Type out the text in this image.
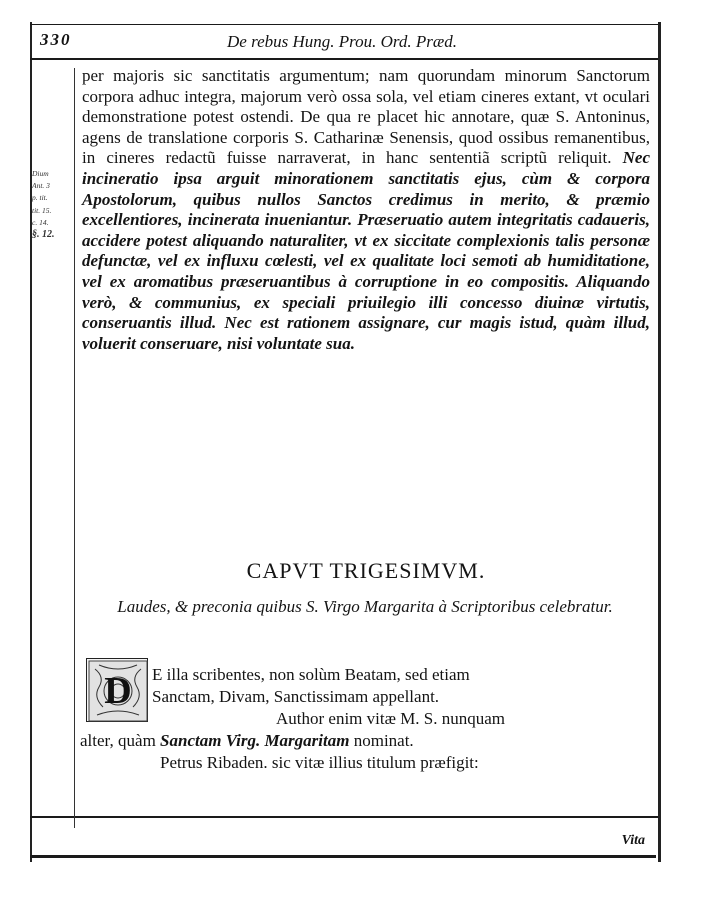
330	De rebus Hung. Prou. Ord. Præd.
Dium
Ant. 3
p. tit.
tit. 15.
c. 14.
§. 12.
per majoris sic sanctitatis argumentum; nam quorundam minorum Sanctorum corpora adhuc integra, majorum verò ossa sola, vel etiam cineres extant, vt oculari demonstratione potest ostendi. De qua re placet hic annotare, quæ S. Antoninus, agens de translatione corporis S. Catharinæ Senensis, quod ossibus remanentibus, in cineres redactũ fuisse narraverat, in hanc sententiã scriptũ reliquit. Nec incineratio ipsa arguit minorationem sanctitatis ejus, cùm & corpora Apostolorum, quibus nullos Sanctos credimus in merito, & præmio excellentiores, incinerata inueniantur. Præseruatio autem integritatis cadaueris, accidere potest aliquando naturaliter, vt ex siccitate complexionis talis personæ defunctæ, vel ex influxu cœlesti, vel ex qualitate loci semoti ab humiditatione, vel ex aromatibus præseruantibus à corruptione in eo compositis. Aliquando verò, & communius, ex speciali priuilegio illi concesso diuinæ virtutis, conseruantis illud. Nec est rationem assignare, cur magis istud, quàm illud, voluerit conseruare, nisi voluntate sua.
CAPVT TRIGESIMVM.
Laudes, & preconia quibus S. Virgo Margarita à Scriptoribus celebratur.
D	E illa scribentes, non solùm Beatam, sed etiam
Sanctam, Divam, Sanctissimam appellant.
Author enim vitæ M. S. nunquam
alter, quàm Sanctam Virg. Margaritam nominat.
Petrus Ribaden. sic vitæ illius titulum præfigit:
Vita
